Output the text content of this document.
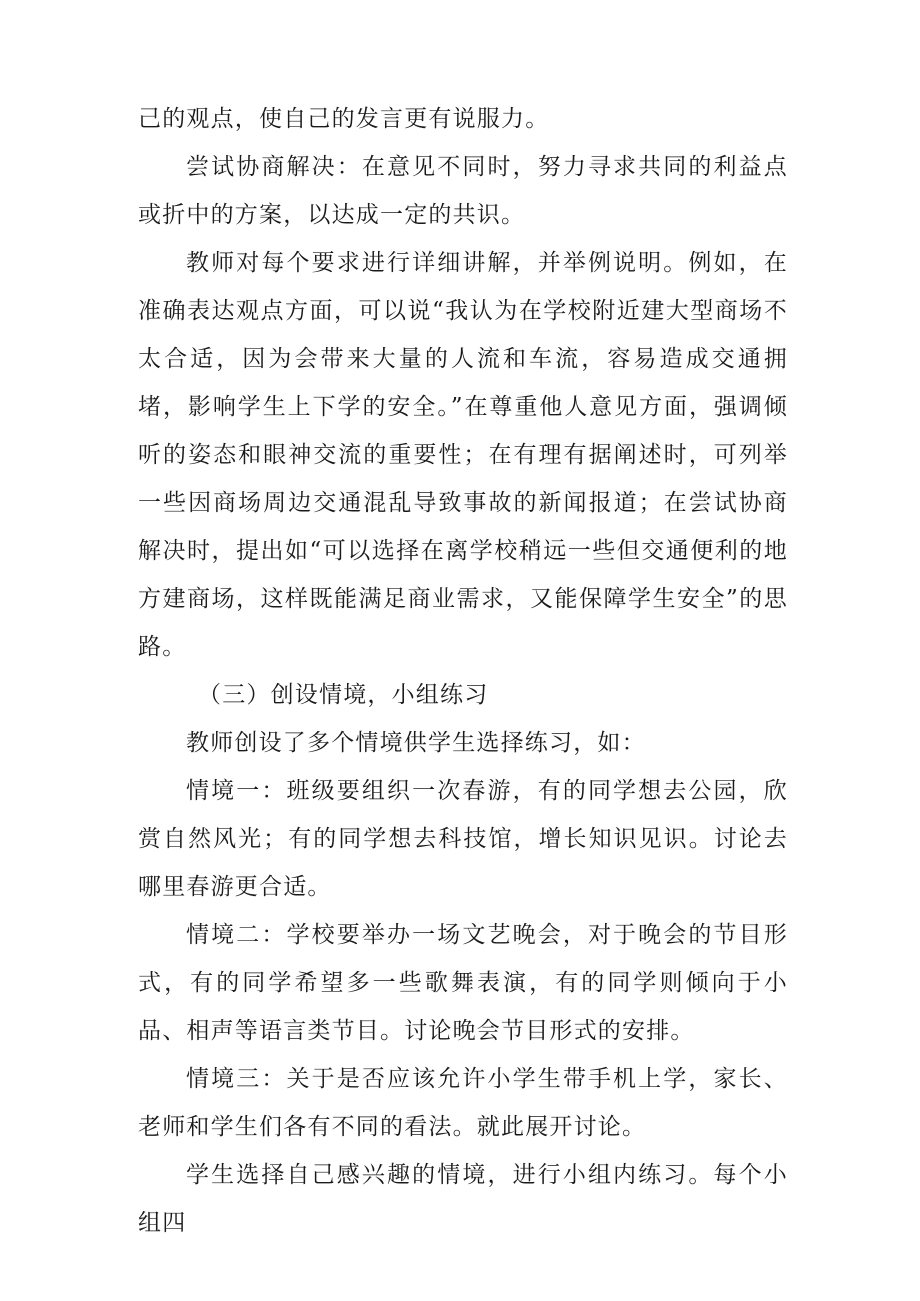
己的观点，使自己的发言更有说服力。

尝试协商解决：在意见不同时，努力寻求共同的利益点或折中的方案，以达成一定的共识。

教师对每个要求进行详细讲解，并举例说明。例如，在准确表达观点方面，可以说“我认为在学校附近建大型商场不太合适，因为会带来大量的人流和车流，容易造成交通拥堵，影响学生上下学的安全。”在尊重他人意见方面，强调倾听的姿态和眼神交流的重要性；在有理有据阐述时，可列举一些因商场周边交通混乱导致事故的新闻报道；在尝试协商解决时，提出如“可以选择在离学校稍远一些但交通便利的地方建商场，这样既能满足商业需求，又能保障学生安全”的思路。

（三）创设情境，小组练习

教师创设了多个情境供学生选择练习，如：

情境一：班级要组织一次春游，有的同学想去公园，欣赏自然风光；有的同学想去科技馆，增长知识见识。讨论去哪里春游更合适。

情境二：学校要举办一场文艺晚会，对于晚会的节目形式，有的同学希望多一些歌舞表演，有的同学则倾向于小品、相声等语言类节目。讨论晚会节目形式的安排。

情境三：关于是否应该允许小学生带手机上学，家长、老师和学生们各有不同的看法。就此展开讨论。

学生选择自己感兴趣的情境，进行小组内练习。每个小组四
